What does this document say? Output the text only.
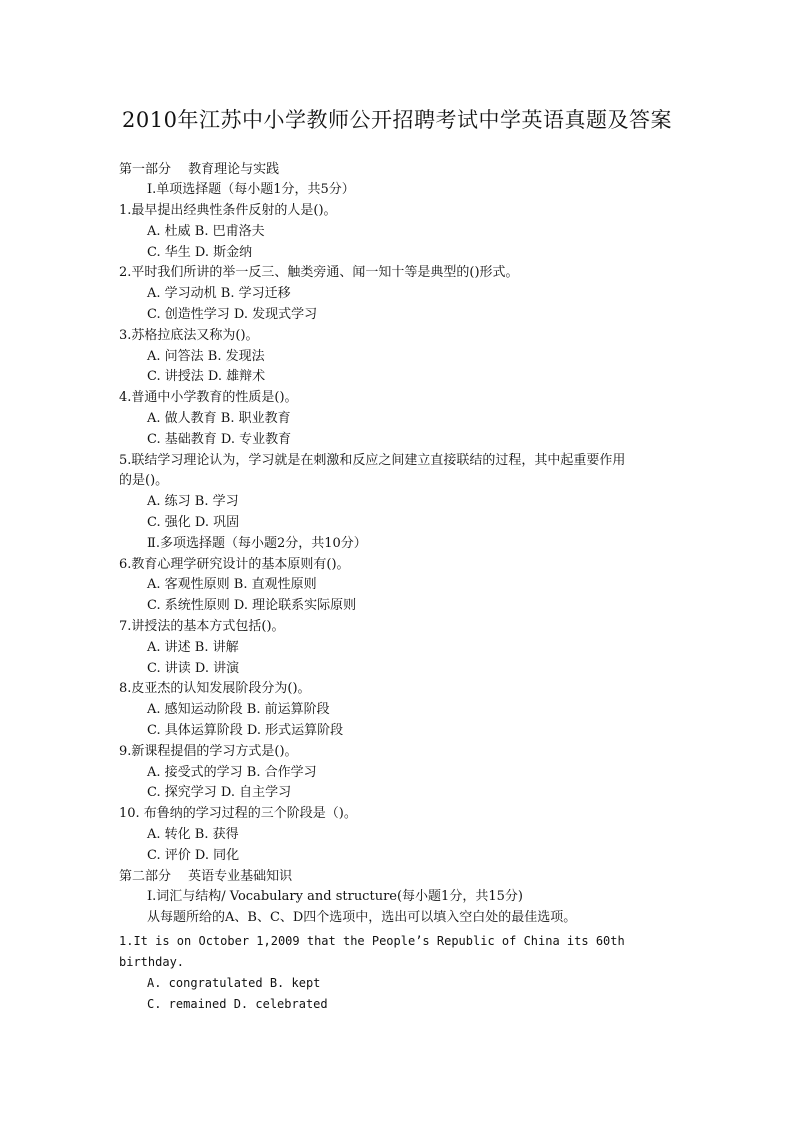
2010年江苏中小学教师公开招聘考试中学英语真题及答案
第一部分　 教育理论与实践
Ⅰ.单项选择题（每小题1分，共5分）
1.最早提出经典性条件反射的人是()。
A. 杜威 B. 巴甫洛夫
C. 华生 D. 斯金纳
2.平时我们所讲的举一反三、触类旁通、闻一知十等是典型的()形式。
A. 学习动机 B. 学习迁移
C. 创造性学习 D. 发现式学习
3.苏格拉底法又称为()。
A. 问答法 B. 发现法
C. 讲授法 D. 雄辩术
4.普通中小学教育的性质是()。
A. 做人教育 B. 职业教育
C. 基础教育 D. 专业教育
5.联结学习理论认为，学习就是在刺激和反应之间建立直接联结的过程，其中起重要作用
的是()。
A. 练习 B. 学习
C. 强化 D. 巩固
Ⅱ.多项选择题（每小题2分，共10分）
6.教育心理学研究设计的基本原则有()。
A. 客观性原则 B. 直观性原则
C. 系统性原则 D. 理论联系实际原则
7.讲授法的基本方式包括()。
A. 讲述 B. 讲解
C. 讲读 D. 讲演
8.皮亚杰的认知发展阶段分为()。
A. 感知运动阶段 B. 前运算阶段
C. 具体运算阶段 D. 形式运算阶段
9.新课程提倡的学习方式是()。
A. 接受式的学习 B. 合作学习
C. 探究学习 D. 自主学习
10. 布鲁纳的学习过程的三个阶段是（)。
A. 转化 B. 获得
C. 评价 D. 同化
第二部分　 英语专业基础知识
Ⅰ.词汇与结构/ Vocabulary and structure(每小题1分，共15分)
从每题所给的A、B、C、D四个选项中，选出可以填入空白处的最佳选项。
1.It is on October 1,2009 that the People’s Republic of China its 60th
birthday.
A. congratulated B. kept
C. remained D. celebrated
